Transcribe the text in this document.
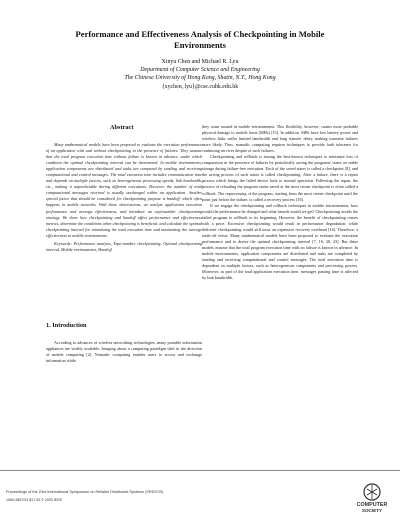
Performance and Effectiveness Analysis of Checkpointing in Mobile
Environments
Xinyu Chen and Michael R. Lyu
Department of Computer Science and Engineering
The Chinese University of Hong Kong, Shatin, N.T., Hong Kong
{xychen, lyu}@cse.cuhk.edu.hk
Abstract

Many mathematical models have been proposed to evaluate the execution performance of an application with and without checkpointing in the presence of failures. They assume that the total program execution time without failure is known in advance, under which condition the optimal checkpointing interval can be determined. In mobile environments, application components are distributed and tasks are computed by sending and receiving computational and control messages. The total execution time includes communication time and depends on multiple factors, such as heterogeneous processing speeds, link bandwidth, etc., making it unpredictable during different executions. However, the number of total computational messages received is usually unchanged within an application. Another special factor that should be considered for checkpointing purpose is handoff, which often happens in mobile networks. With these observations, we analyze application execution performance and average effectiveness, and introduce an equi-number checkpointing strategy. We show how checkpointing and handoff affect performance and effectiveness metrics, determine the conditions when checkpointing is beneficial, and calculate the optimal checkpointing interval for minimizing the total execution time and maximizing the average effectiveness in mobile environments.

Keywords: Performance analysis, Equi-number checkpointing, Optimal checkpointing interval, Mobile environments, Handoff

1. Introduction

According to advances of wireless networking technologies, many portable information appliances are widely available, bringing about a computing paradigm shift in the direction of mobile computing [2]. Nomadic computing enables users to access and exchange information while

they roam around in mobile environments. This flexibility, however, causes more probable physical damage to mobile hosts (MHs) [15]. In addition, MHs have low battery power and wireless links suffer limited bandwidth and long transfer delay, making transient failures more likely. Thus, nomadic computing requires techniques to provide fault tolerance for continuing services despite of such failures.

Checkpointing and rollback is among the best-known techniques to minimize loss of computation in the presence of failures by periodically saving the programs' states on stable storage during failure-free execution. Each of the saved states is called a checkpoint [8], and the saving process of such states is called checkpointing. After a failure, there is a repair process which brings the failed device back to normal operation. Following the repair, the process of reloading the program status saved at the most recent checkpoint is often called a rollback. The reprocessing of the program, starting from the most recent checkpoint until the point just before the failure, is called a recovery process [16].

If we engage the checkpointing and rollback techniques in mobile environments, how would the performance be changed and what benefit would we get? Checkpointing avoids the failed program to rollback to its beginning. However, the benefit of checkpointing comes with a price. Excessive checkpointing would result in performance degradation, while deficient checkpointing would still incur an expensive recovery overhead [14]. Therefore, a trade-off exists. Many mathematical models have been proposed to evaluate the execution performance and to derive the optimal checkpointing interval [7, 16, 20, 23]. But these models assume that the total program execution time with no failure is known in advance. In mobile environments, application components are distributed and tasks are completed by sending and receiving computational and control messages. The total execution time is dependent on multiple factors, such as heterogeneous components and processing powers. Moreover, as part of the total application execution time, messages passing time is affected by link bandwidth,

Proceedings of the 23rd International Symposium on Reliable Distributed Systems (SRDS'03)
1060-9857/03 $17.00 © 2003 IEEE
COMPUTER
SOCIETY
